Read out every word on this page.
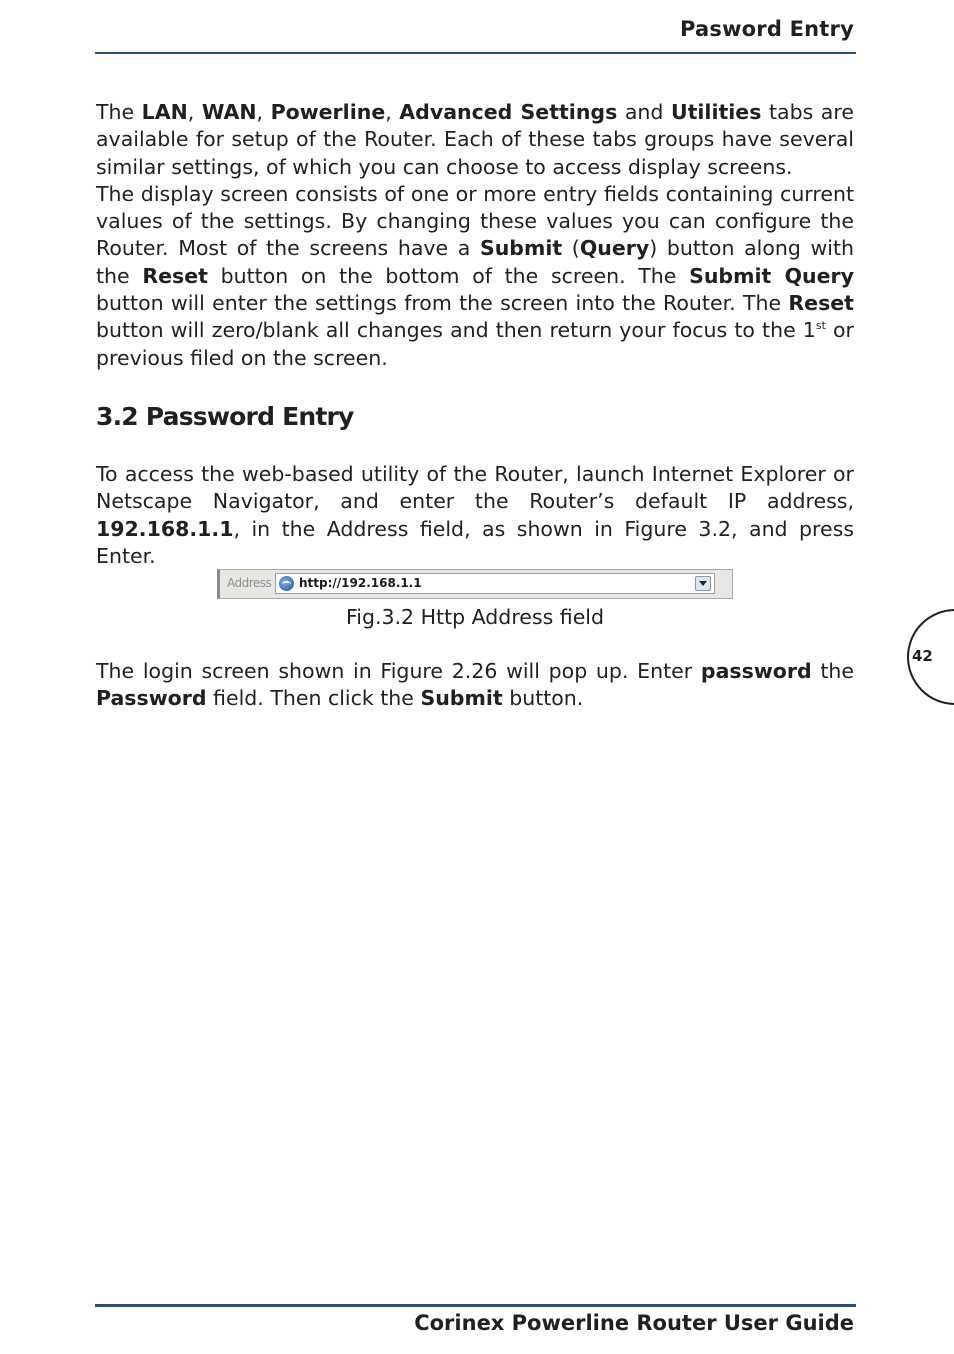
Pasword Entry

The LAN, WAN, Powerline, Advanced Settings and Utilities tabs are available for setup of the Router. Each of these tabs groups have several similar settings, of which you can choose to access display screens.

The display screen consists of one or more entry fields containing current values of the settings. By changing these values you can configure the Router. Most of the screens have a Submit (Query) button along with the Reset button on the bottom of the screen. The Submit Query button will enter the settings from the screen into the Router. The Reset button will zero/blank all changes and then return your focus to the 1st or previous filed on the screen.

3.2 Password Entry

To access the web-based utility of the Router, launch Internet Explorer or Netscape Navigator, and enter the Router’s default IP address, 192.168.1.1, in the Address field, as shown in Figure 3.2, and press Enter.

Address http://192.168.1.1
Fig.3.2 Http Address field

The login screen shown in Figure 2.26 will pop up. Enter password the Password field. Then click the Submit button.

42
Corinex Powerline Router User Guide
